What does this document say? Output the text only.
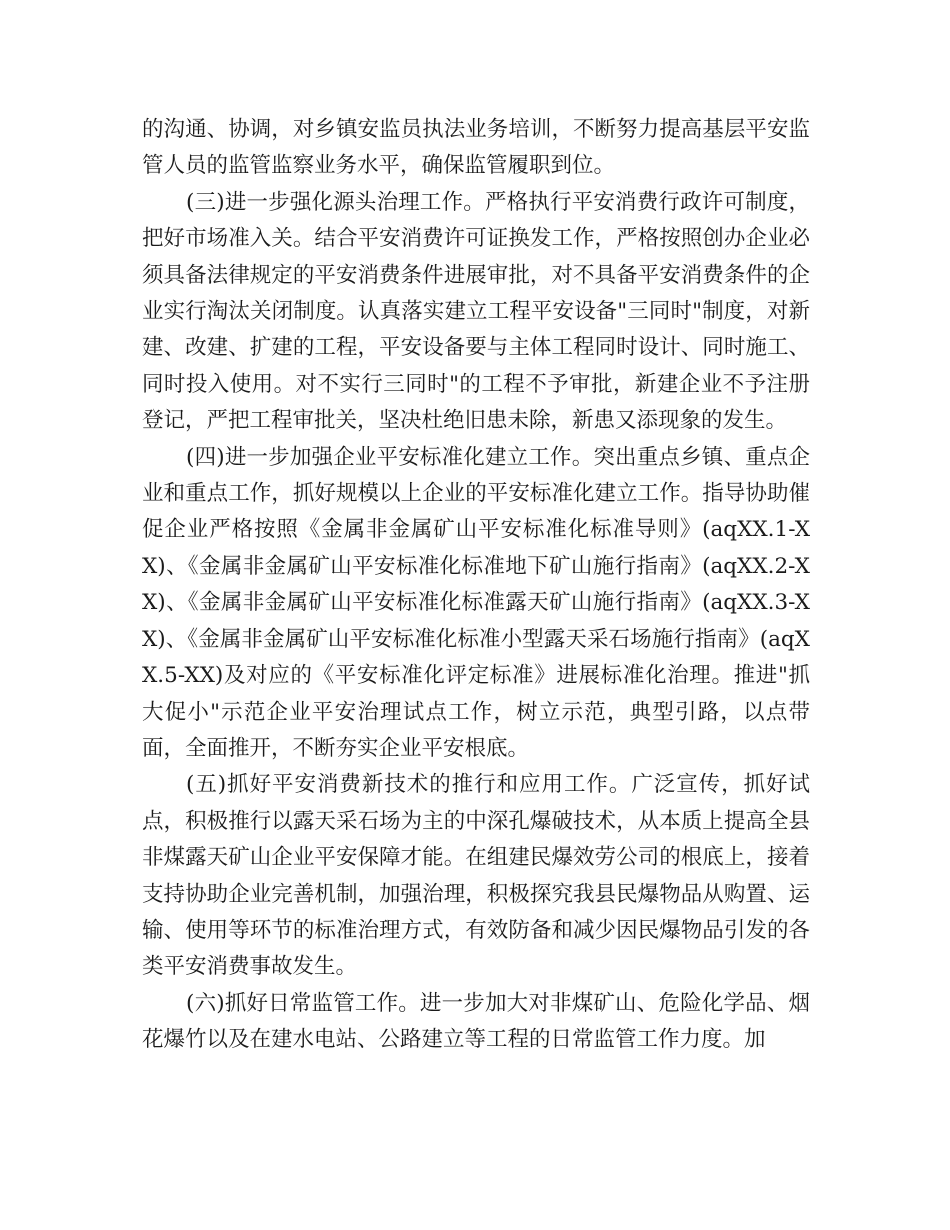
的沟通、协调，对乡镇安监员执法业务培训，不断努力提高基层平安监管人员的监管监察业务水平，确保监管履职到位。

(三)进一步强化源头治理工作。严格执行平安消费行政许可制度，把好市场准入关。结合平安消费许可证换发工作，严格按照创办企业必须具备法律规定的平安消费条件进展审批，对不具备平安消费条件的企业实行淘汰关闭制度。认真落实建立工程平安设备"三同时"制度，对新建、改建、扩建的工程，平安设备要与主体工程同时设计、同时施工、同时投入使用。对不实行三同时"的工程不予审批，新建企业不予注册登记，严把工程审批关，坚决杜绝旧患未除，新患又添现象的发生。

(四)进一步加强企业平安标准化建立工作。突出重点乡镇、重点企业和重点工作，抓好规模以上企业的平安标准化建立工作。指导协助催促企业严格按照《金属非金属矿山平安标准化标准导则》(aqXX.1-XX)、《金属非金属矿山平安标准化标准地下矿山施行指南》(aqXX.2-XX)、《金属非金属矿山平安标准化标准露天矿山施行指南》(aqXX.3-XX)、《金属非金属矿山平安标准化标准小型露天采石场施行指南》(aqXX.5-XX)及对应的《平安标准化评定标准》进展标准化治理。推进"抓大促小"示范企业平安治理试点工作，树立示范，典型引路，以点带面，全面推开，不断夯实企业平安根底。

(五)抓好平安消费新技术的推行和应用工作。广泛宣传，抓好试点，积极推行以露天采石场为主的中深孔爆破技术，从本质上提高全县非煤露天矿山企业平安保障才能。在组建民爆效劳公司的根底上，接着支持协助企业完善机制，加强治理，积极探究我县民爆物品从购置、运输、使用等环节的标准治理方式，有效防备和减少因民爆物品引发的各类平安消费事故发生。

(六)抓好日常监管工作。进一步加大对非煤矿山、危险化学品、烟花爆竹以及在建水电站、公路建立等工程的日常监管工作力度。加
